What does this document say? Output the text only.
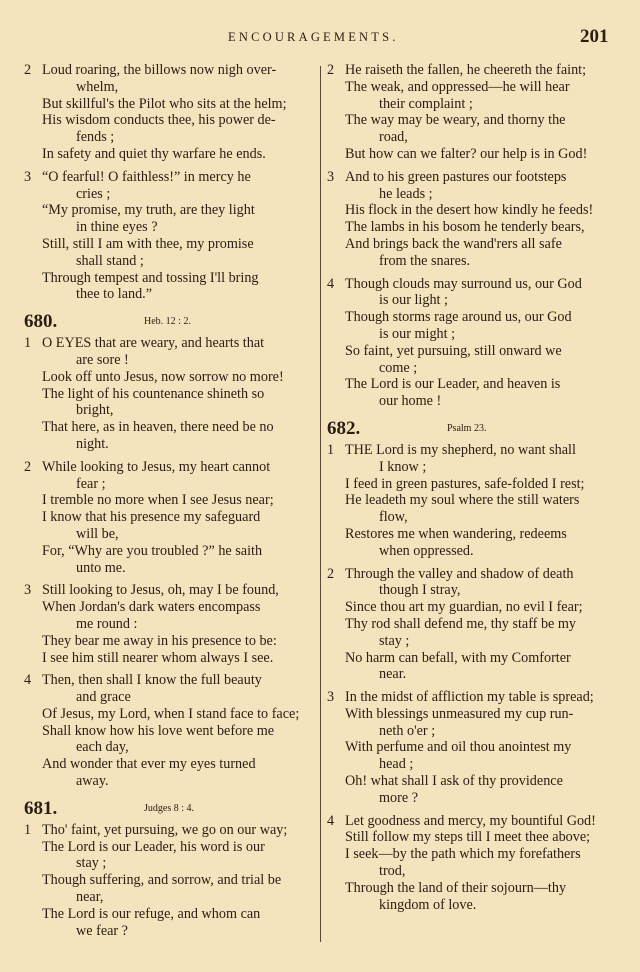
ENCOURAGEMENTS.	201
2 Loud roaring, the billows now nigh over-

whelm,

But skillful's the Pilot who sits at the helm;

His wisdom conducts thee, his power de-

fends ;

In safety and quiet thy warfare he ends.

3 “O fearful! O faithless!” in mercy he

cries ;

“My promise, my truth, are they light

in thine eyes ?

Still, still I am with thee, my promise

shall stand ;

Through tempest and tossing I'll bring

thee to land.”

680.	Heb. 12 : 2.
1 O EYES that are weary, and hearts that

are sore !

Look off unto Jesus, now sorrow no more!

The light of his countenance shineth so

bright,

That here, as in heaven, there need be no

night.

2 While looking to Jesus, my heart cannot

fear ;

I tremble no more when I see Jesus near;

I know that his presence my safeguard

will be,

For, “Why are you troubled ?” he saith

unto me.

3 Still looking to Jesus, oh, may I be found,

When Jordan's dark waters encompass

me round :

They bear me away in his presence to be:

I see him still nearer whom always I see.

4 Then, then shall I know the full beauty

and grace

Of Jesus, my Lord, when I stand face to face;

Shall know how his love went before me

each day,

And wonder that ever my eyes turned

away.

681.	Judges 8 : 4.
1 Tho' faint, yet pursuing, we go on our way;

The Lord is our Leader, his word is our

stay ;

Though suffering, and sorrow, and trial be

near,

The Lord is our refuge, and whom can

we fear ?

2 He raiseth the fallen, he cheereth the faint;

The weak, and oppressed—he will hear

their complaint ;

The way may be weary, and thorny the

road,

But how can we falter? our help is in God!

3 And to his green pastures our footsteps

he leads ;

His flock in the desert how kindly he feeds!

The lambs in his bosom he tenderly bears,

And brings back the wand'rers all safe

from the snares.

4 Though clouds may surround us, our God

is our light ;

Though storms rage around us, our God

is our might ;

So faint, yet pursuing, still onward we

come ;

The Lord is our Leader, and heaven is

our home !

682.	Psalm 23.
1 THE Lord is my shepherd, no want shall

I know ;

I feed in green pastures, safe-folded I rest;

He leadeth my soul where the still waters

flow,

Restores me when wandering, redeems

when oppressed.

2 Through the valley and shadow of death

though I stray,

Since thou art my guardian, no evil I fear;

Thy rod shall defend me, thy staff be my

stay ;

No harm can befall, with my Comforter

near.

3 In the midst of affliction my table is spread;

With blessings unmeasured my cup run-

neth o'er ;

With perfume and oil thou anointest my

head ;

Oh! what shall I ask of thy providence

more ?

4 Let goodness and mercy, my bountiful God!

Still follow my steps till I meet thee above;

I seek—by the path which my forefathers

trod,

Through the land of their sojourn—thy

kingdom of love.
